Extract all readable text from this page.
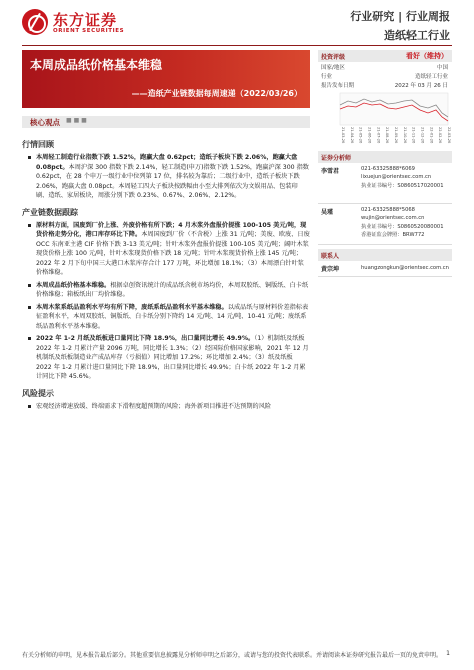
东方证券
ORIENT SECURITIES
行业研究 | 行业周报
造纸轻工行业
本周成品纸价格基本维稳
——造纸产业链数据每周速递（2022/03/26）
核心观点 ■ ■ ■
行情回顾
本周轻工制造行业指数下跌 1.52%，跑赢大盘 0.62pct；造纸子板块下跌 2.06%，跑赢大盘 0.08pct。本周沪深 300 指数下跌 2.14%，轻工制造(申万)指数下跌 1.52%，跑赢沪深 300 指数 0.62pct，在 28 个申万一级行业中位列第 17 位，排名较为靠后；二级行业中，造纸子板块下跌 2.06%，跑赢大盘 0.08pct。本周轻工四大子板块按跌幅由小至大排列依次为文娱用品、包装印刷、造纸、家居板块，周涨分别下跌 0.23%、0.67%、2.06%、2.12%。
产业链数据跟踪
原材料方面，国废到厂价上涨、外废价格有所下跌；4 月木浆外盘报价提涨 100-105 美元/吨，现货价格走势分化，港口库存环比下降。本周国废到厂价（不含税）上涨 31 元/吨；美废、欧废、日废 OCC 东南亚主港 CIF 价格下跌 3-13 美元/吨；针叶木浆外盘报价提涨 100-105 美元/吨；阔叶木浆现货价格上涨 100 元/吨，针叶木浆现货价格下跌 18 元/吨；针叶木浆现货价格上涨 145 元/吨；2022 年 2 月下旬中国三大港口木浆库存合计 177 万吨，环比增加 18.1%；（3）本周漂白针叶浆价格维稳。
本周成品纸价格基本维稳。根据卓创资讯统计的成品纸含税市场均价，本周双胶纸、铜版纸、白卡纸价格维稳；箱板纸出厂均价维稳。
本周木浆系纸品盈利水平均有所下降，废纸系纸品盈利水平基本维稳。以成品纸与原材料价差指标表征盈利水平，本周双胶纸、铜版纸、白卡纸分别下降约 14 元/吨、14 元/吨、10-41 元/吨；废纸系纸品盈利水平基本维稳。
2022 年 1-2 月纸及纸板进口量同比下降 18.9%，出口量同比增长 49.9%。（1）机制纸及纸板 2022 年 1-2 月累计产量 2096 万吨，同比增长 1.3%；（2）经国际价格国家影响，2021 年 12 月机制纸及纸板制造业产成品库存（亏损值）同比增加 17.2%；环比增加 2.4%；（3）纸及纸板 2022 年 1-2 月累计进口量同比下降 18.9%，出口量同比增长 49.9%；白卡纸 2022 年 1-2 月累计同比下降 45.6%。
风险提示
宏观经济增速放缓、终端需求下滑程度超预期的风险；海外新项目推进不达预期的风险
投资评级	看好（维持）
国家/地区	中国
行业	造纸轻工行业
报告发布日期	2022 年 03 月 26 日
21-03-26 21-04-26 21-05-26 21-06-26 21-07-26 21-08-26 21-09-26 21-10-26 21-11-26 21-12-26 22-01-26 22-02-26 22-03-26
证券分析师
李雪君	021-63325888*6069
lixuejun@orientsec.com.cn
执业证书编号：S0860517020001
吴瑾	021-63325888*5068
wujin@orientsec.com.cn
执业证书编号：S0860520080001
香港证监会牌照：BRW772
联系人
黄宗坤	huangzongkun@orientsec.com.cn
有关分析师的申明，见本报告最后部分。其他重要信息披露见分析师申明之后部分，或请与您的投资代表联系。并请阅读本证券研究报告最后一页的免责申明。 1
